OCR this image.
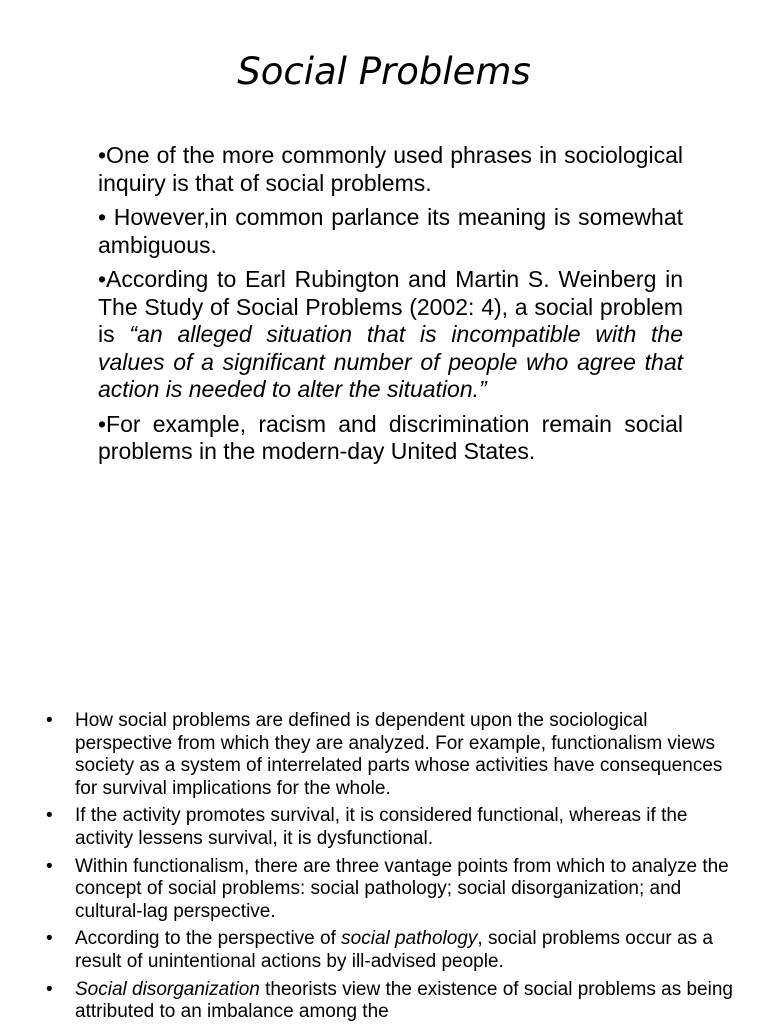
Social Problems
•One of the more commonly used phrases in sociological inquiry is that of social problems.
• However,in common parlance its meaning is somewhat ambiguous.
•According to Earl Rubington and Martin S. Weinberg in The Study of Social Problems (2002: 4), a social problem is “an alleged situation that is incompatible with the values of a significant number of people who agree that action is needed to alter the situation.”
•For example, racism and discrimination remain social problems in the modern-day United States.
• How social problems are defined is dependent upon the sociological perspective from which they are analyzed. For example, functionalism views society as a system of interrelated parts whose activities have consequences for survival implications for the whole.
• If the activity promotes survival, it is considered functional, whereas if the activity lessens survival, it is dysfunctional.
• Within functionalism, there are three vantage points from which to analyze the concept of social problems: social pathology; social disorganization; and cultural-lag perspective.
• According to the perspective of social pathology, social problems occur as a result of unintentional actions by ill-advised people.
• Social disorganization theorists view the existence of social problems as being attributed to an imbalance among the
